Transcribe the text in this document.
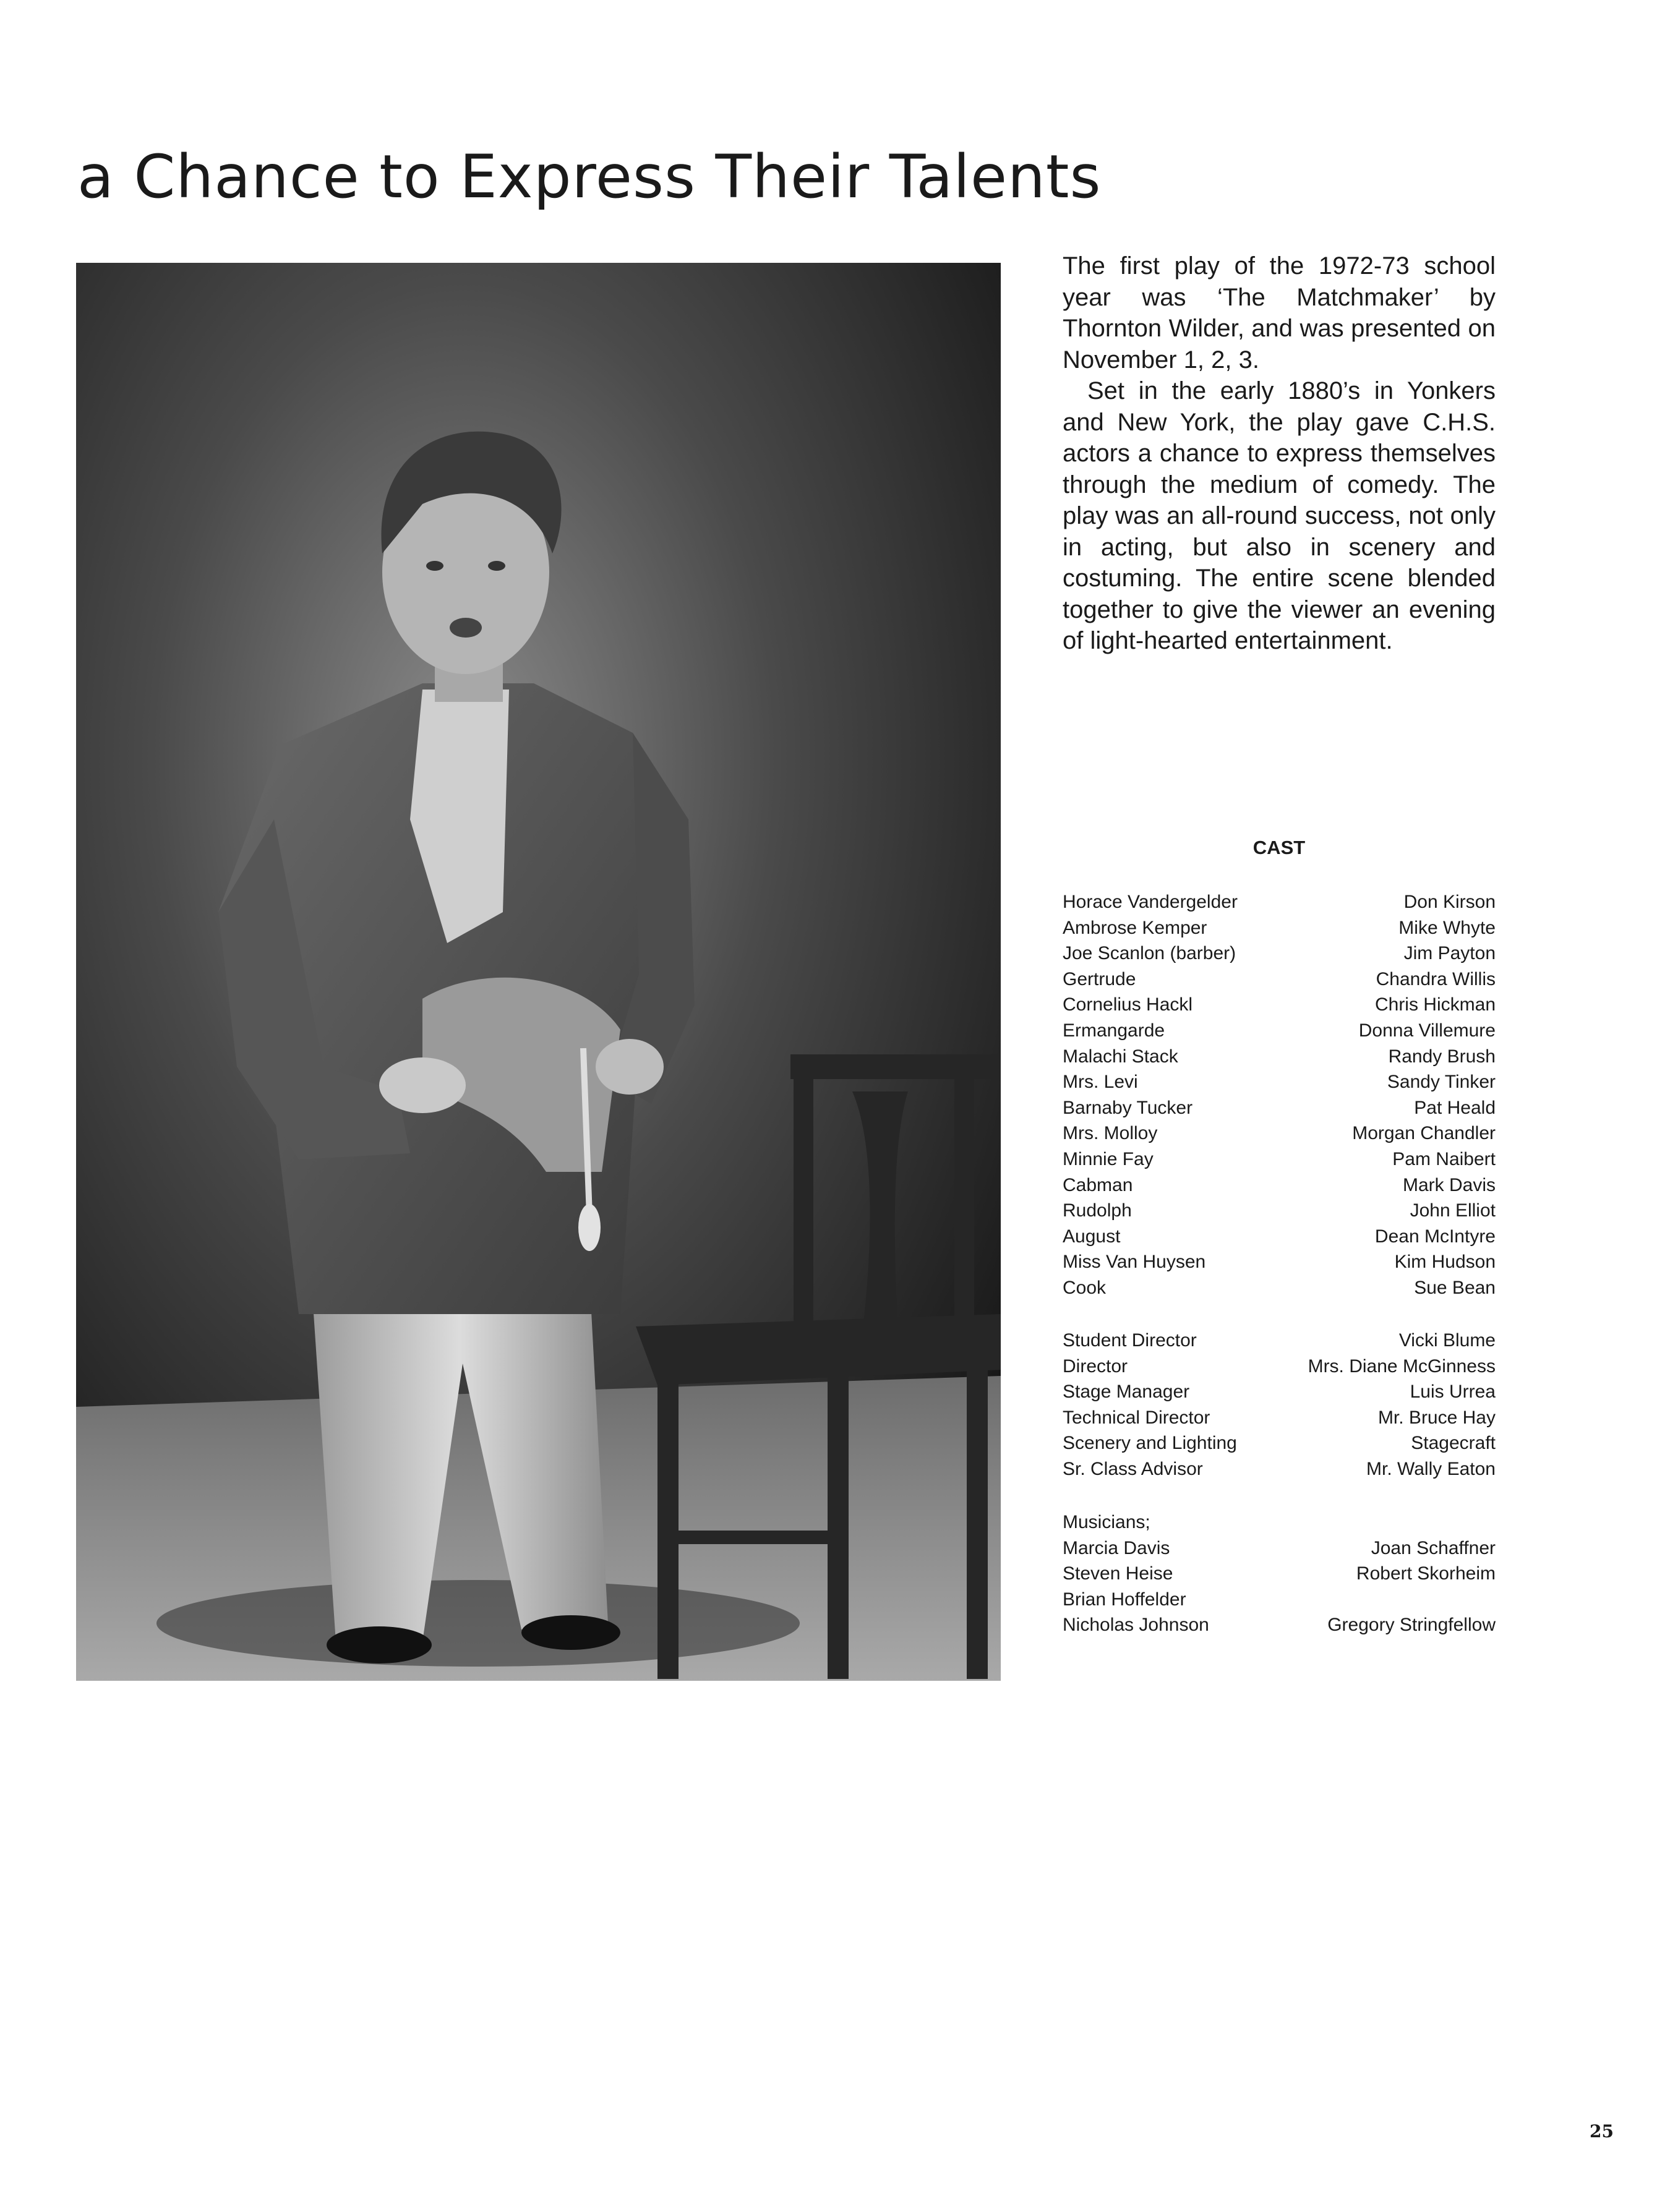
a Chance to Express Their Talents

The first play of the 1972-73 school year was ‘The Matchmaker’ by Thornton Wilder, and was presented on November 1, 2, 3.

Set in the early 1880’s in Yonkers and New York, the play gave C.H.S. actors a chance to express themselves through the medium of comedy. The play was an all-round success, not only in acting, but also in scenery and costuming. The entire scene blended together to give the viewer an evening of light-hearted entertainment.

CAST
Horace Vandergelder	Don Kirson
Ambrose Kemper	Mike Whyte
Joe Scanlon (barber)	Jim Payton
Gertrude	Chandra Willis
Cornelius Hackl	Chris Hickman
Ermangarde	Donna Villemure
Malachi Stack	Randy Brush
Mrs. Levi	Sandy Tinker
Barnaby Tucker	Pat Heald
Mrs. Molloy	Morgan Chandler
Minnie Fay	Pam Naibert
Cabman	Mark Davis
Rudolph	John Elliot
August	Dean McIntyre
Miss Van Huysen	Kim Hudson
Cook	Sue Bean
Student Director	Vicki Blume
Director	Mrs. Diane McGinness
Stage Manager	Luis Urrea
Technical Director	Mr. Bruce Hay
Scenery and Lighting	Stagecraft
Sr. Class Advisor	Mr. Wally Eaton
Musicians;
Marcia Davis	Joan Schaffner
Steven Heise	Robert Skorheim
Brian Hoffelder
Nicholas Johnson	Gregory Stringfellow
25
